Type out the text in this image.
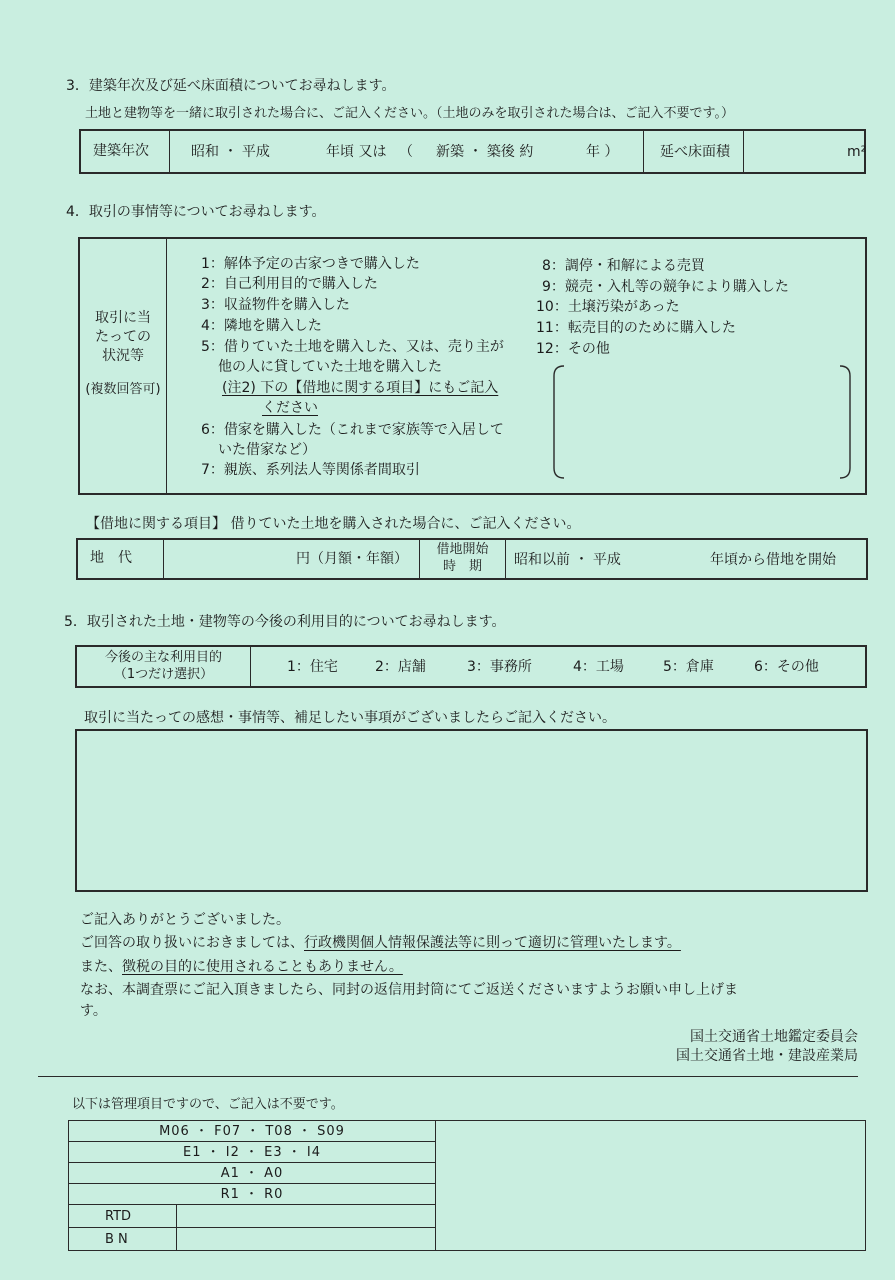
3．建築年次及び延べ床面積についてお尋ねします。
土地と建物等を一緒に取引された場合に、ご記入ください。（土地のみを取引された場合は、ご記入不要です。）
建築年次	昭和 ・ 平成	年頃 又は （ 新築 ・ 築後 約	年 ）	延べ床面積	m²
4．取引の事情等についてお尋ねします。
取引に当
たっての
状況等
(複数回答可)
1：解体予定の古家つきで購入した
2：自己利用目的で購入した
3：収益物件を購入した
4：隣地を購入した
5：借りていた土地を購入した、又は、売り主が
他の人に貸していた土地を購入した
(注2) 下の【借地に関する項目】にもご記入
ください
6：借家を購入した（これまで家族等で入居して
いた借家など）
7：親族、系列法人等関係者間取引
8：調停・和解による売買
9：競売・入札等の競争により購入した
10：土壌汚染があった
11：転売目的のために購入した
12：その他
【借地に関する項目】 借りていた土地を購入された場合に、ご記入ください。
地　代	円（月額・年額）
借地開始
時　期	昭和以前 ・ 平成	年頃から借地を開始
5．取引された土地・建物等の今後の利用目的についてお尋ねします。
今後の主な利用目的
（1つだけ選択）	1：住宅	2：店舗	3：事務所	4：工場	5：倉庫	6：その他
取引に当たっての感想・事情等、補足したい事項がございましたらご記入ください。
ご記入ありがとうございました。
ご回答の取り扱いにおきましては、行政機関個人情報保護法等に則って適切に管理いたします。
また、徴税の目的に使用されることもありません。
なお、本調査票にご記入頂きましたら、同封の返信用封筒にてご返送くださいますようお願い申し上げま
す。
国土交通省土地鑑定委員会
国土交通省土地・建設産業局
以下は管理項目ですので、ご記入は不要です。
M06 ・ F07 ・ T08 ・ S09
E1 ・ I2 ・ E3 ・ I4
A1 ・ A0
R1 ・ R0
RTD
B N
